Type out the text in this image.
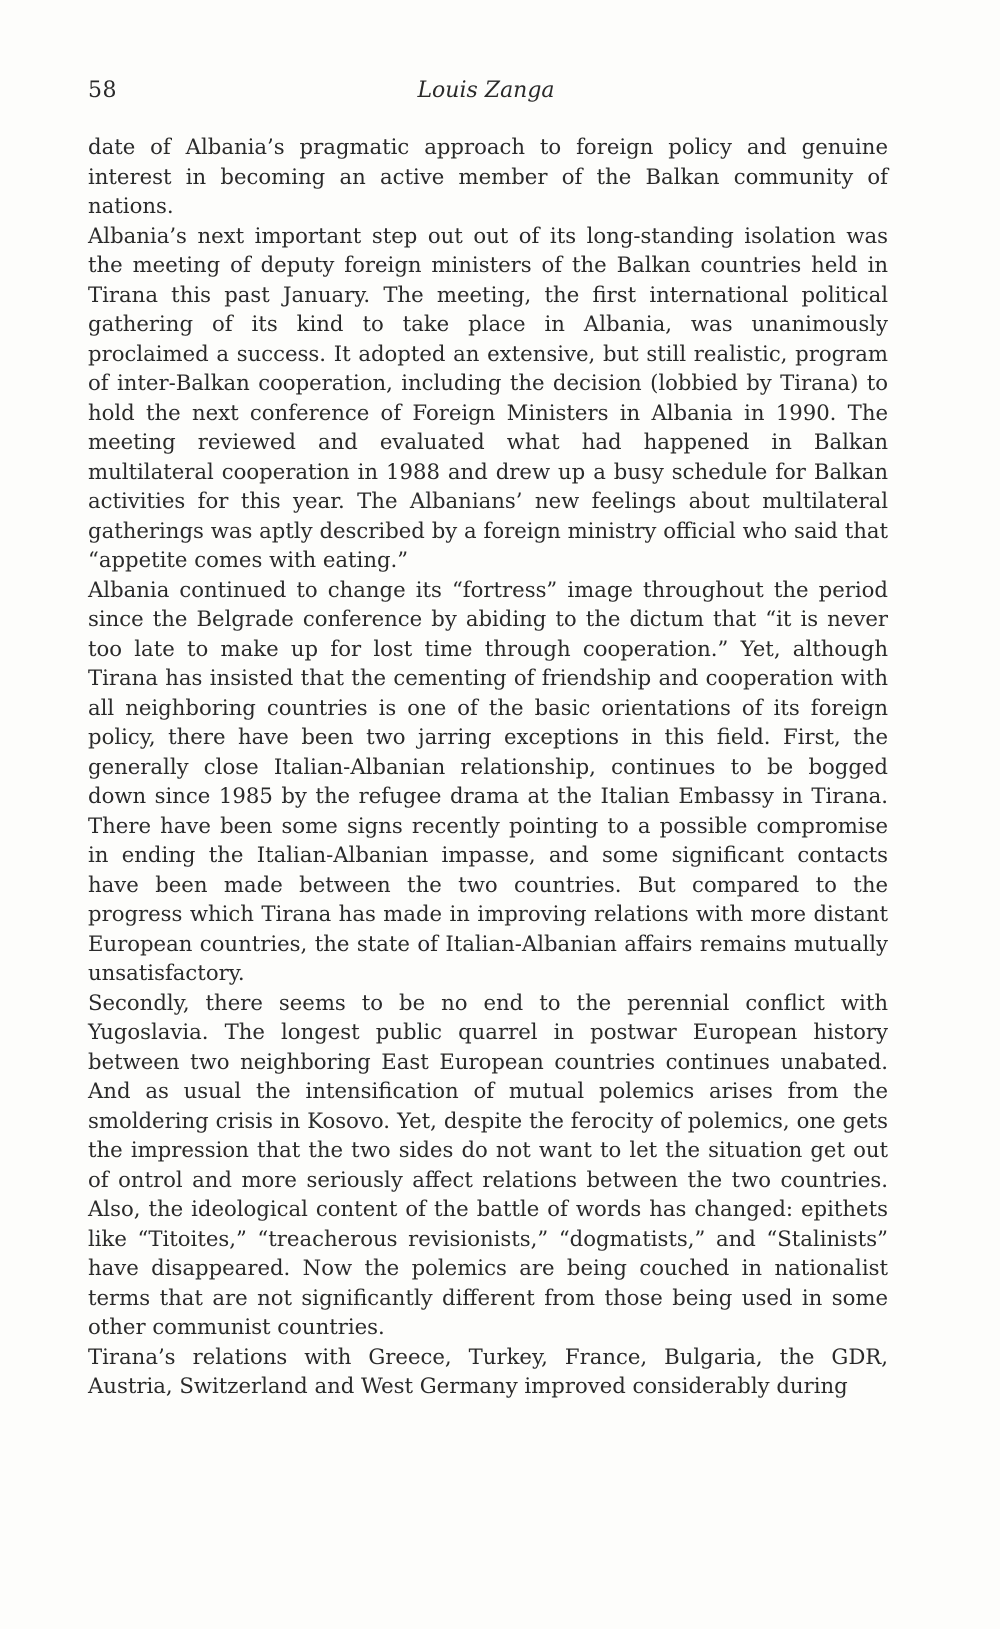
58	Louis Zanga

date of Albania’s pragmatic approach to foreign policy and genuine interest in becoming an active member of the Balkan community of nations.

Albania’s next important step out out of its long-standing isolation was the meeting of deputy foreign ministers of the Balkan countries held in Tirana this past January. The meeting, the first international political gathering of its kind to take place in Albania, was unanimously proclaimed a success. It adopted an extensive, but still realistic, program of inter-Balkan cooperation, including the decision (lobbied by Tirana) to hold the next conference of Foreign Ministers in Albania in 1990. The meeting reviewed and evaluated what had happened in Balkan multilateral cooperation in 1988 and drew up a busy schedule for Balkan activities for this year. The Albanians’ new feelings about multilateral gatherings was aptly described by a foreign ministry official who said that “appetite comes with eating.”

Albania continued to change its “fortress” image throughout the period since the Belgrade conference by abiding to the dictum that “it is never too late to make up for lost time through cooperation.” Yet, although Tirana has insisted that the cementing of friendship and cooperation with all neighboring countries is one of the basic orientations of its foreign policy, there have been two jarring exceptions in this field. First, the generally close Italian-Albanian relationship, continues to be bogged down since 1985 by the refugee drama at the Italian Embassy in Tirana. There have been some signs recently pointing to a possible compromise in ending the Italian-Albanian impasse, and some significant contacts have been made between the two countries. But compared to the progress which Tirana has made in improving relations with more distant European countries, the state of Italian-Albanian affairs remains mutually unsatisfactory.

Secondly, there seems to be no end to the perennial conflict with Yugoslavia. The longest public quarrel in postwar European history between two neighboring East European countries continues unabated. And as usual the intensification of mutual polemics arises from the smoldering crisis in Kosovo. Yet, despite the ferocity of polemics, one gets the impression that the two sides do not want to let the situation get out of ontrol and more seriously affect relations between the two countries. Also, the ideological content of the battle of words has changed: epithets like “Titoites,” “treacherous revisionists,” “dogmatists,” and “Stalinists” have disappeared. Now the polemics are being couched in nationalist terms that are not significantly different from those being used in some other communist countries.

Tirana’s relations with Greece, Turkey, France, Bulgaria, the GDR, Austria, Switzerland and West Germany improved considerably during
